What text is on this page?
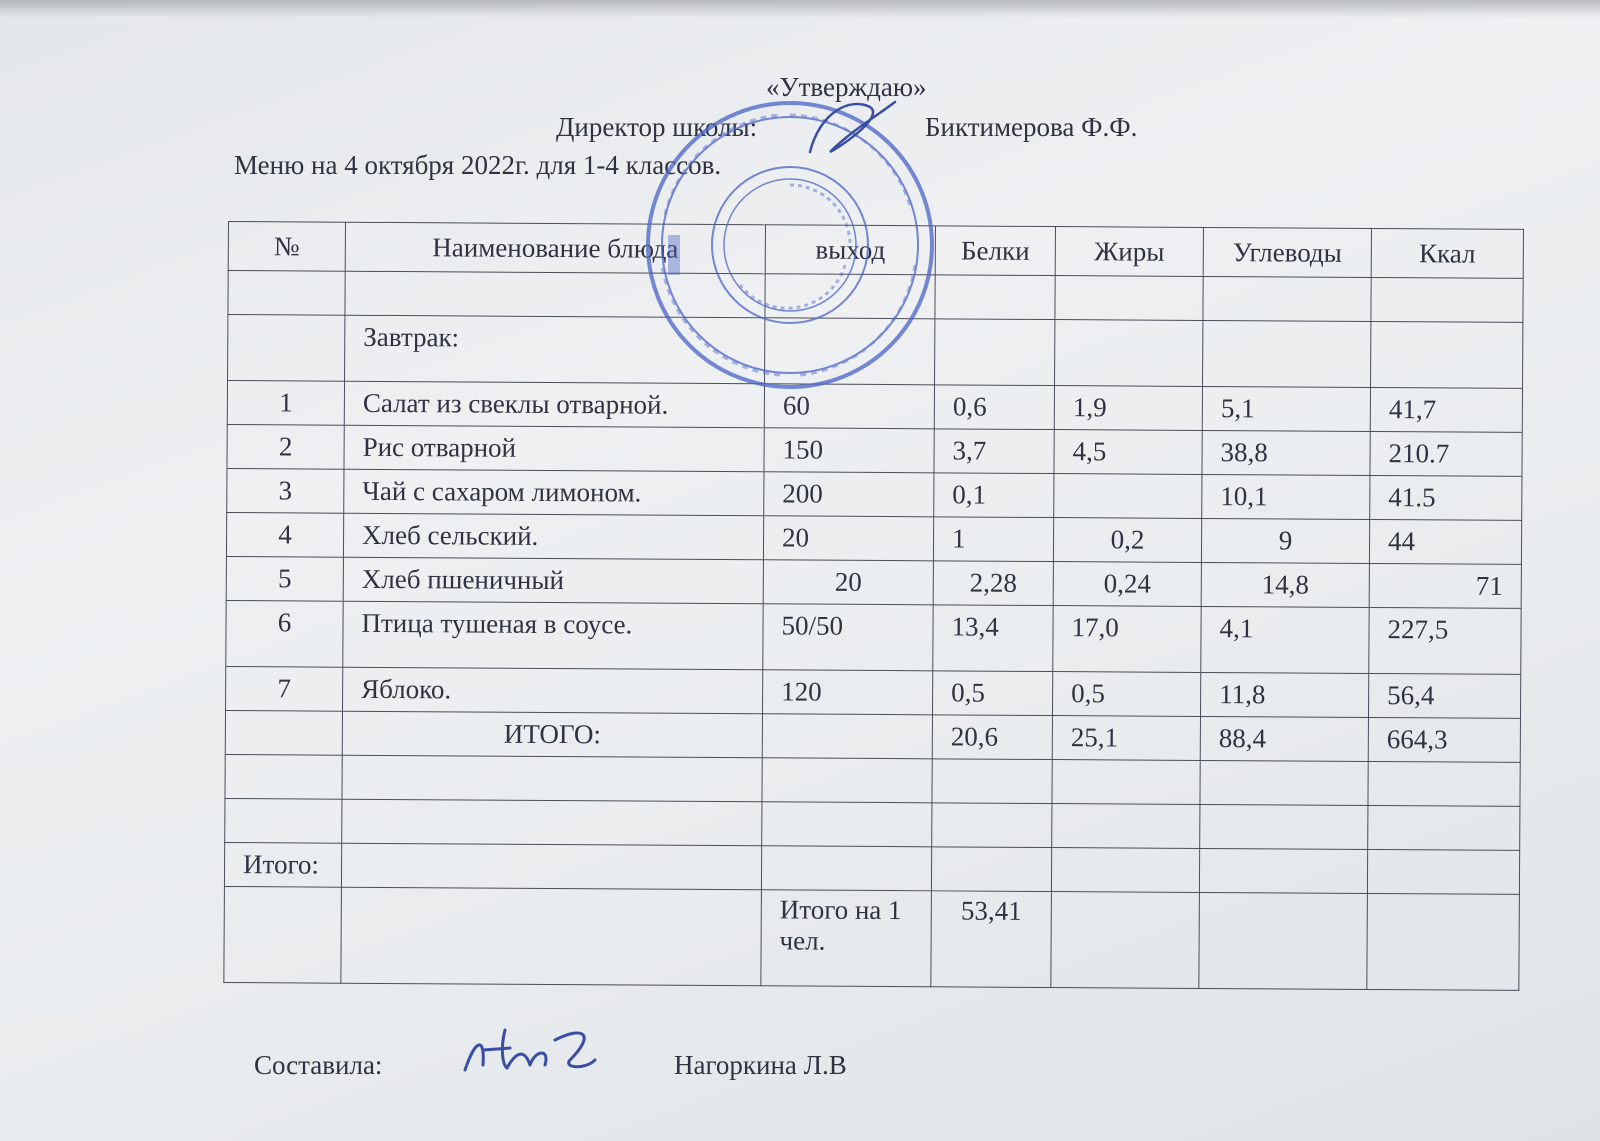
«Утверждаю»
Директор школы:	Биктимерова Ф.Ф.
Меню на 4 октября 2022г. для 1-4 классов.
№	Наименование блюда	выход	Белки	Жиры	Углеводы	Ккал

	Завтрак:					
1	Салат из свеклы отварной.	60	0,6	1,9	5,1	41,7
2	Рис отварной	150	3,7	4,5	38,8	210.7
3	Чай с сахаром лимоном.	200	0,1		10,1	41.5
4	Хлеб сельский.	20	1	0,2	9	44
5	Хлеб пшеничный	20	2,28	0,24	14,8	71
6	Птица тушеная в соусе.	50/50	13,4	17,0	4,1	227,5
7	Яблоко.	120	0,5	0,5	11,8	56,4
	ИТОГО:		20,6	25,1	88,4	664,3

Итого:						
		Итого на 1 чел.	53,41			
Составила:	Нагоркина Л.В
